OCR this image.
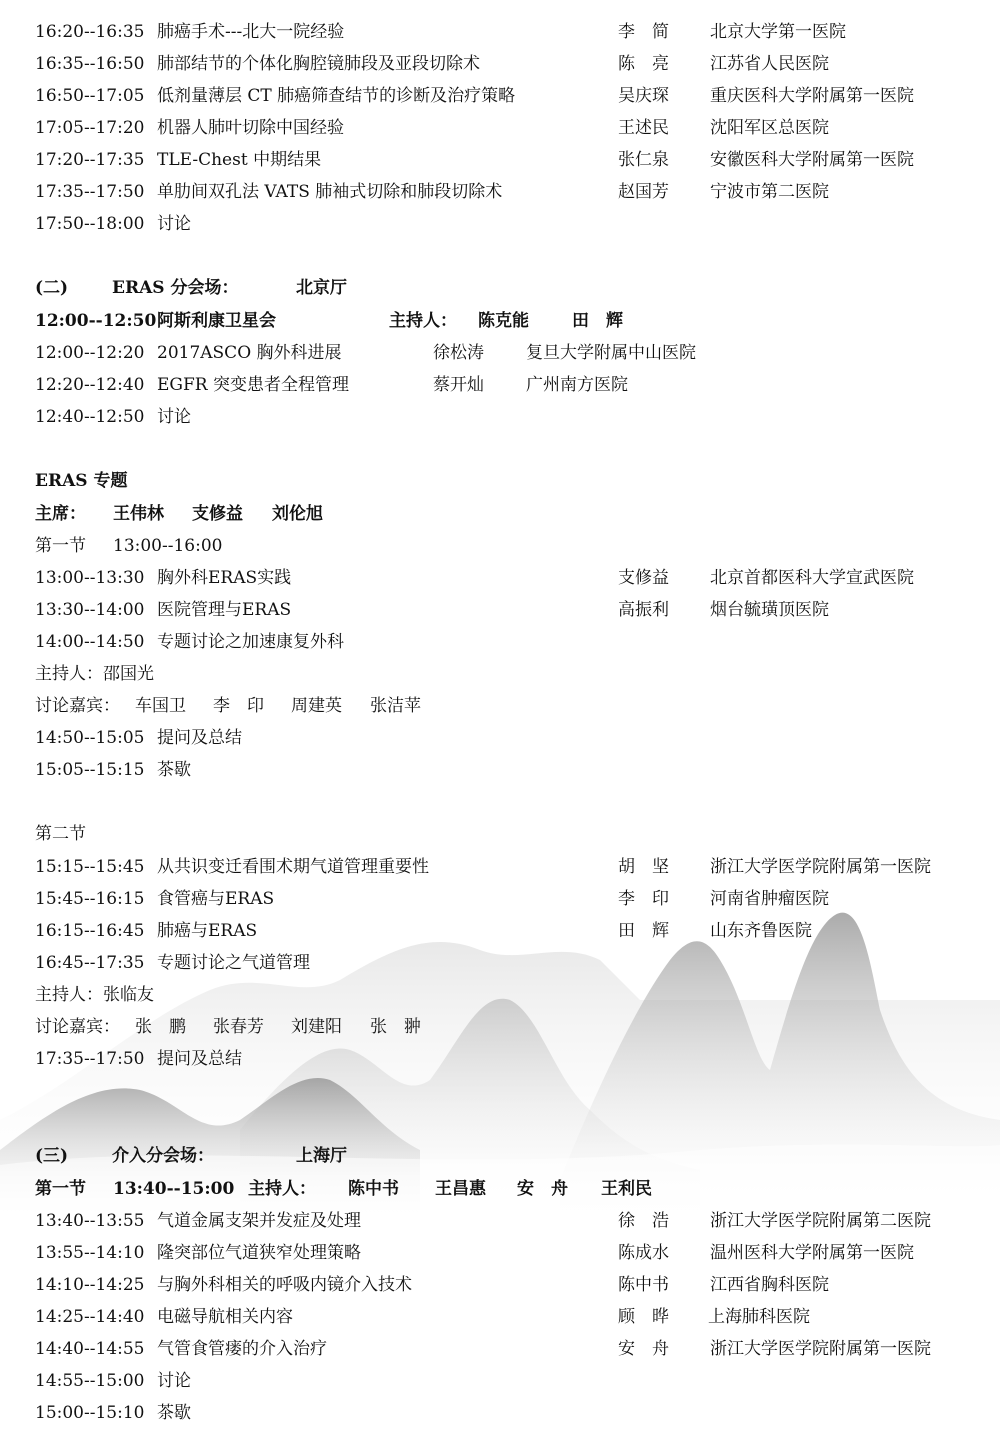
16:20--16:35 肺癌手术---北大一院经验	李　简 北京大学第一医院
16:35--16:50 肺部结节的个体化胸腔镜肺段及亚段切除术	陈　亮 江苏省人民医院
16:50--17:05 低剂量薄层 CT 肺癌筛查结节的诊断及治疗策略	吴庆琛 重庆医科大学附属第一医院
17:05--17:20 机器人肺叶切除中国经验	王述民 沈阳军区总医院
17:20--17:35 TLE-Chest 中期结果	张仁泉 安徽医科大学附属第一医院
17:35--17:50 单肋间双孔法 VATS 肺袖式切除和肺段切除术	赵国芳 宁波市第二医院
17:50--18:00 讨论
(二)	ERAS 分会场：	北京厅
12:00--12:50 阿斯利康卫星会	主持人： 陈克能	田　辉
12:00--12:20 2017ASCO 胸外科进展	徐松涛 复旦大学附属中山医院
12:20--12:40 EGFR 突变患者全程管理	蔡开灿 广州南方医院
12:40--12:50 讨论
ERAS 专题
主席： 王伟林 支修益 刘伦旭
第一节 13:00--16:00
13:00--13:30 胸外科ERAS实践	支修益 北京首都医科大学宣武医院
13:30--14:00 医院管理与ERAS	高振利 烟台毓璜顶医院
14:00--14:50 专题讨论之加速康复外科
主持人：邵国光
讨论嘉宾： 车国卫 李　印 周建英 张洁苹
14:50--15:05 提问及总结
15:05--15:15 茶歇
第二节
15:15--15:45 从共识变迁看围术期气道管理重要性	胡　坚 浙江大学医学院附属第一医院
15:45--16:15 食管癌与ERAS	李　印 河南省肿瘤医院
16:15--16:45 肺癌与ERAS	田　辉 山东齐鲁医院
16:45--17:35 专题讨论之气道管理
主持人：张临友
讨论嘉宾： 张　鹏 张春芳 刘建阳 张　翀
17:35--17:50 提问及总结
(三)	介入分会场：	上海厅
第一节 13:40--15:00 主持人： 陈中书 王昌惠 安　舟 王利民
13:40--13:55 气道金属支架并发症及处理	徐　浩 浙江大学医学院附属第二医院
13:55--14:10 隆突部位气道狭窄处理策略	陈成水 温州医科大学附属第一医院
14:10--14:25 与胸外科相关的呼吸内镜介入技术	陈中书 江西省胸科医院
14:25--14:40 电磁导航相关内容	顾　晔 上海肺科医院
14:40--14:55 气管食管瘘的介入治疗	安　舟 浙江大学医学院附属第一医院
14:55--15:00 讨论
15:00--15:10 茶歇
